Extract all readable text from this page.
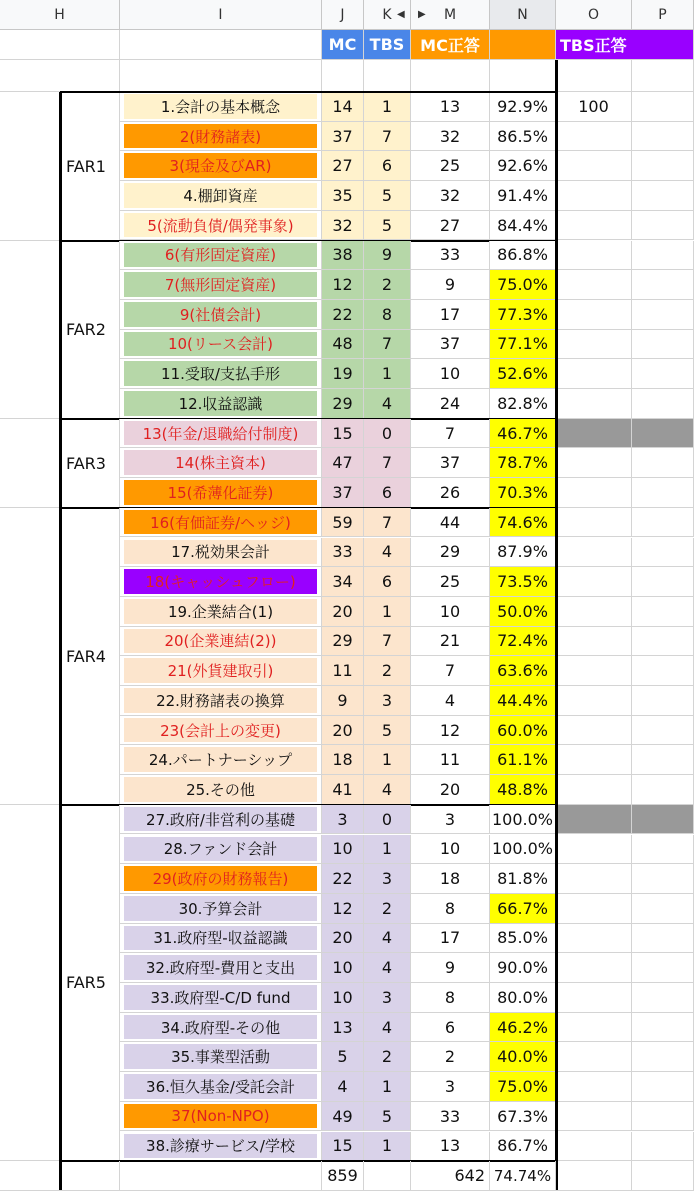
H	I	J	K	M	N	O	P
◀ ▶
MC TBS MC正答	TBS正答
FAR1
1.会計の基本概念	14	1	13	92.9%	100
2(財務諸表)	37	7	32	86.5%
3(現金及びAR)	27	6	25	92.6%
4.棚卸資産	35	5	32	91.4%
5(流動負債/偶発事象)	32	5	27	84.4%
FAR2
6(有形固定資産)	38	9	33	86.8%
7(無形固定資産)	12	2	9	75.0%
9(社債会計)	22	8	17	77.3%
10(リース会計)	48	7	37	77.1%
11.受取/支払手形	19	1	10	52.6%
12.収益認識	29	4	24	82.8%
FAR3
13(年金/退職給付制度)	15	0	7	46.7%
14(株主資本)	47	7	37	78.7%
15(希薄化証券)	37	6	26	70.3%
FAR4
16(有価証券/ヘッジ)	59	7	44	74.6%
17.税効果会計	33	4	29	87.9%
18(キャッシュフロー)	34	6	25	73.5%
19.企業結合(1)	20	1	10	50.0%
20(企業連結(2))	29	7	21	72.4%
21(外貨建取引)	11	2	7	63.6%
22.財務諸表の換算	9	3	4	44.4%
23(会計上の変更)	20	5	12	60.0%
24.パートナーシップ	18	1	11	61.1%
25.その他	41	4	20	48.8%
FAR5
27.政府/非営利の基礎	3	0	3	100.0%
28.ファンド会計	10	1	10	100.0%
29(政府の財務報告)	22	3	18	81.8%
30.予算会計	12	2	8	66.7%
31.政府型-収益認識	20	4	17	85.0%
32.政府型-費用と支出	10	4	9	90.0%
33.政府型-C/D fund	10	3	8	80.0%
34.政府型-その他	13	4	6	46.2%
35.事業型活動	5	2	2	40.0%
36.恒久基金/受託会計	4	1	3	75.0%
37(Non-NPO)	49	5	33	67.3%
38.診療サービス/学校	15	1	13	86.7%
859	642 74.74%
